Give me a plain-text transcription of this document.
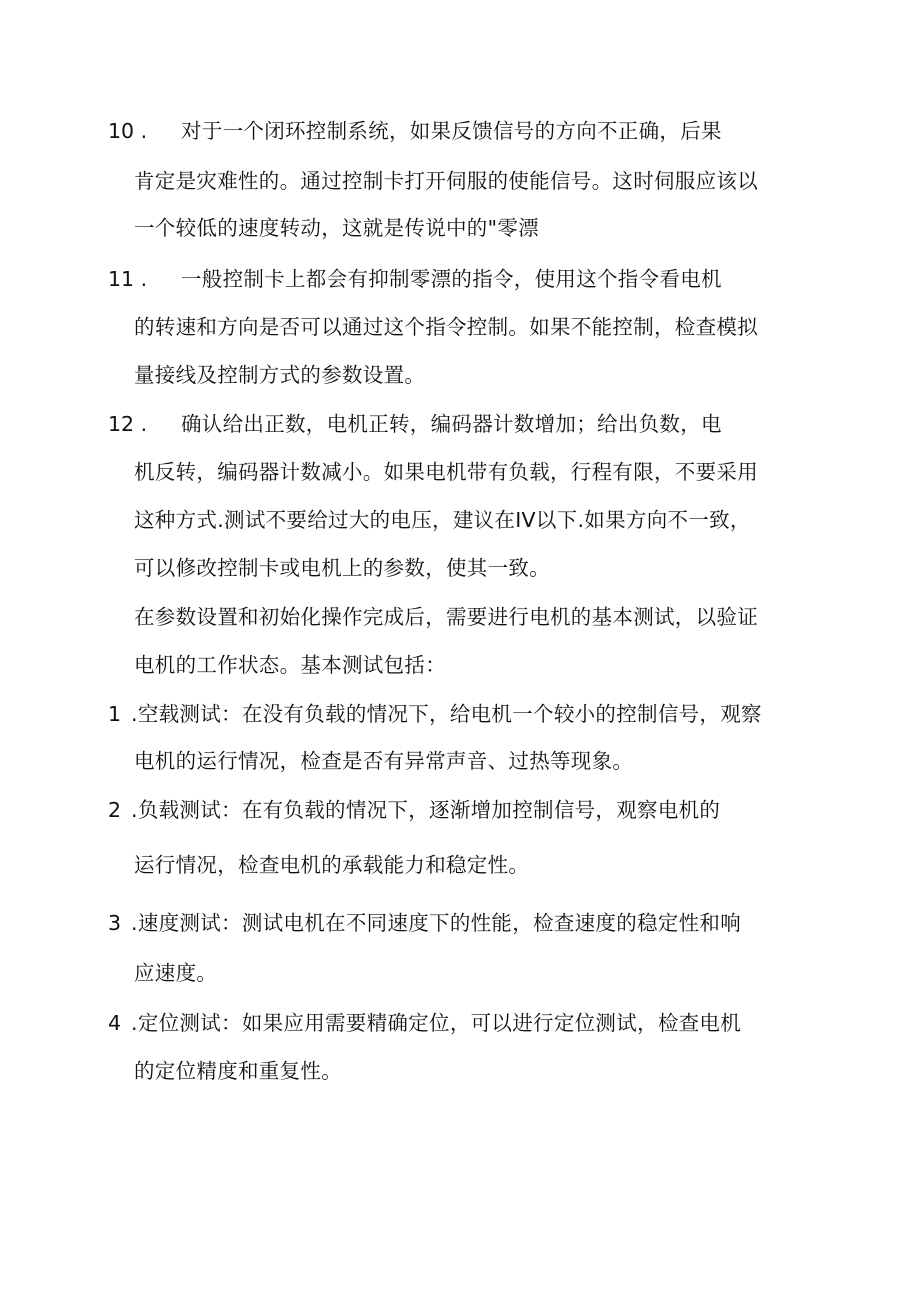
10 . 对于一个闭环控制系统，如果反馈信号的方向不正确，后果
肯定是灾难性的。通过控制卡打开伺服的使能信号。这时伺服应该以
一个较低的速度转动，这就是传说中的"零漂
11 . 一般控制卡上都会有抑制零漂的指令，使用这个指令看电机
的转速和方向是否可以通过这个指令控制。如果不能控制，检查模拟
量接线及控制方式的参数设置。
12 . 确认给出正数，电机正转，编码器计数增加；给出负数，电
机反转，编码器计数减小。如果电机带有负载，行程有限，不要采用
这种方式.测试不要给过大的电压，建议在IV以下.如果方向不一致，
可以修改控制卡或电机上的参数，使其一致。
在参数设置和初始化操作完成后，需要进行电机的基本测试，以验证
电机的工作状态。基本测试包括：
1 .空载测试：在没有负载的情况下，给电机一个较小的控制信号，观察
电机的运行情况，检查是否有异常声音、过热等现象。
2 .负载测试：在有负载的情况下，逐渐增加控制信号，观察电机的
运行情况，检查电机的承载能力和稳定性。
3 .速度测试：测试电机在不同速度下的性能，检查速度的稳定性和响
应速度。
4 .定位测试：如果应用需要精确定位，可以进行定位测试，检查电机
的定位精度和重复性。
